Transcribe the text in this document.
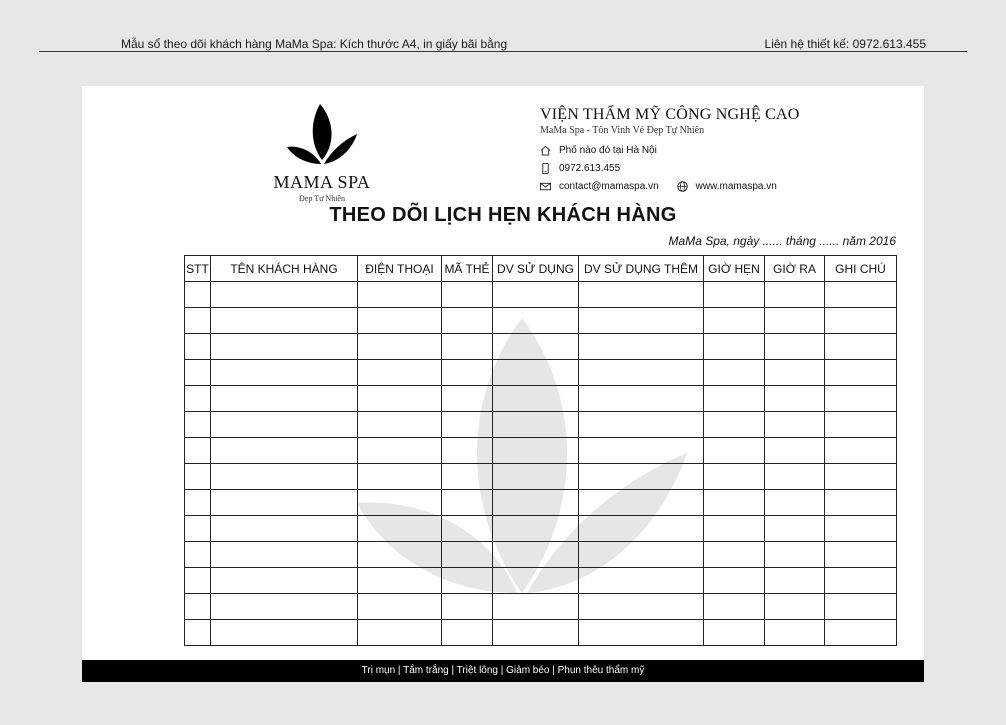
Mẫu sổ theo dõi khách hàng MaMa Spa: Kích thước A4, in giấy bãi bằng	Liên hệ thiết kế: 0972.613.455
MAMA SPA
Đẹp Tự Nhiên
VIỆN THẨM MỸ CÔNG NGHỆ CAO
MaMa Spa - Tôn Vinh Vẻ Đẹp Tự Nhiên
Phố nào đó tại Hà Nội
0972.613.455
contact@mamaspa.vn	www.mamaspa.vn
THEO DÕI LỊCH HẸN KHÁCH HÀNG
MaMa Spa, ngày ...... tháng ...... năm 2016
STT	TÊN KHÁCH HÀNG	ĐIỆN THOẠI	MÃ THẺ	DV SỬ DỤNG	DV SỬ DỤNG THÊM	GIỜ HẸN	GIỜ RA	GHI CHÚ

Trị mụn | Tắm trắng | Triệt lông | Giảm béo | Phun thêu thẩm mỹ
